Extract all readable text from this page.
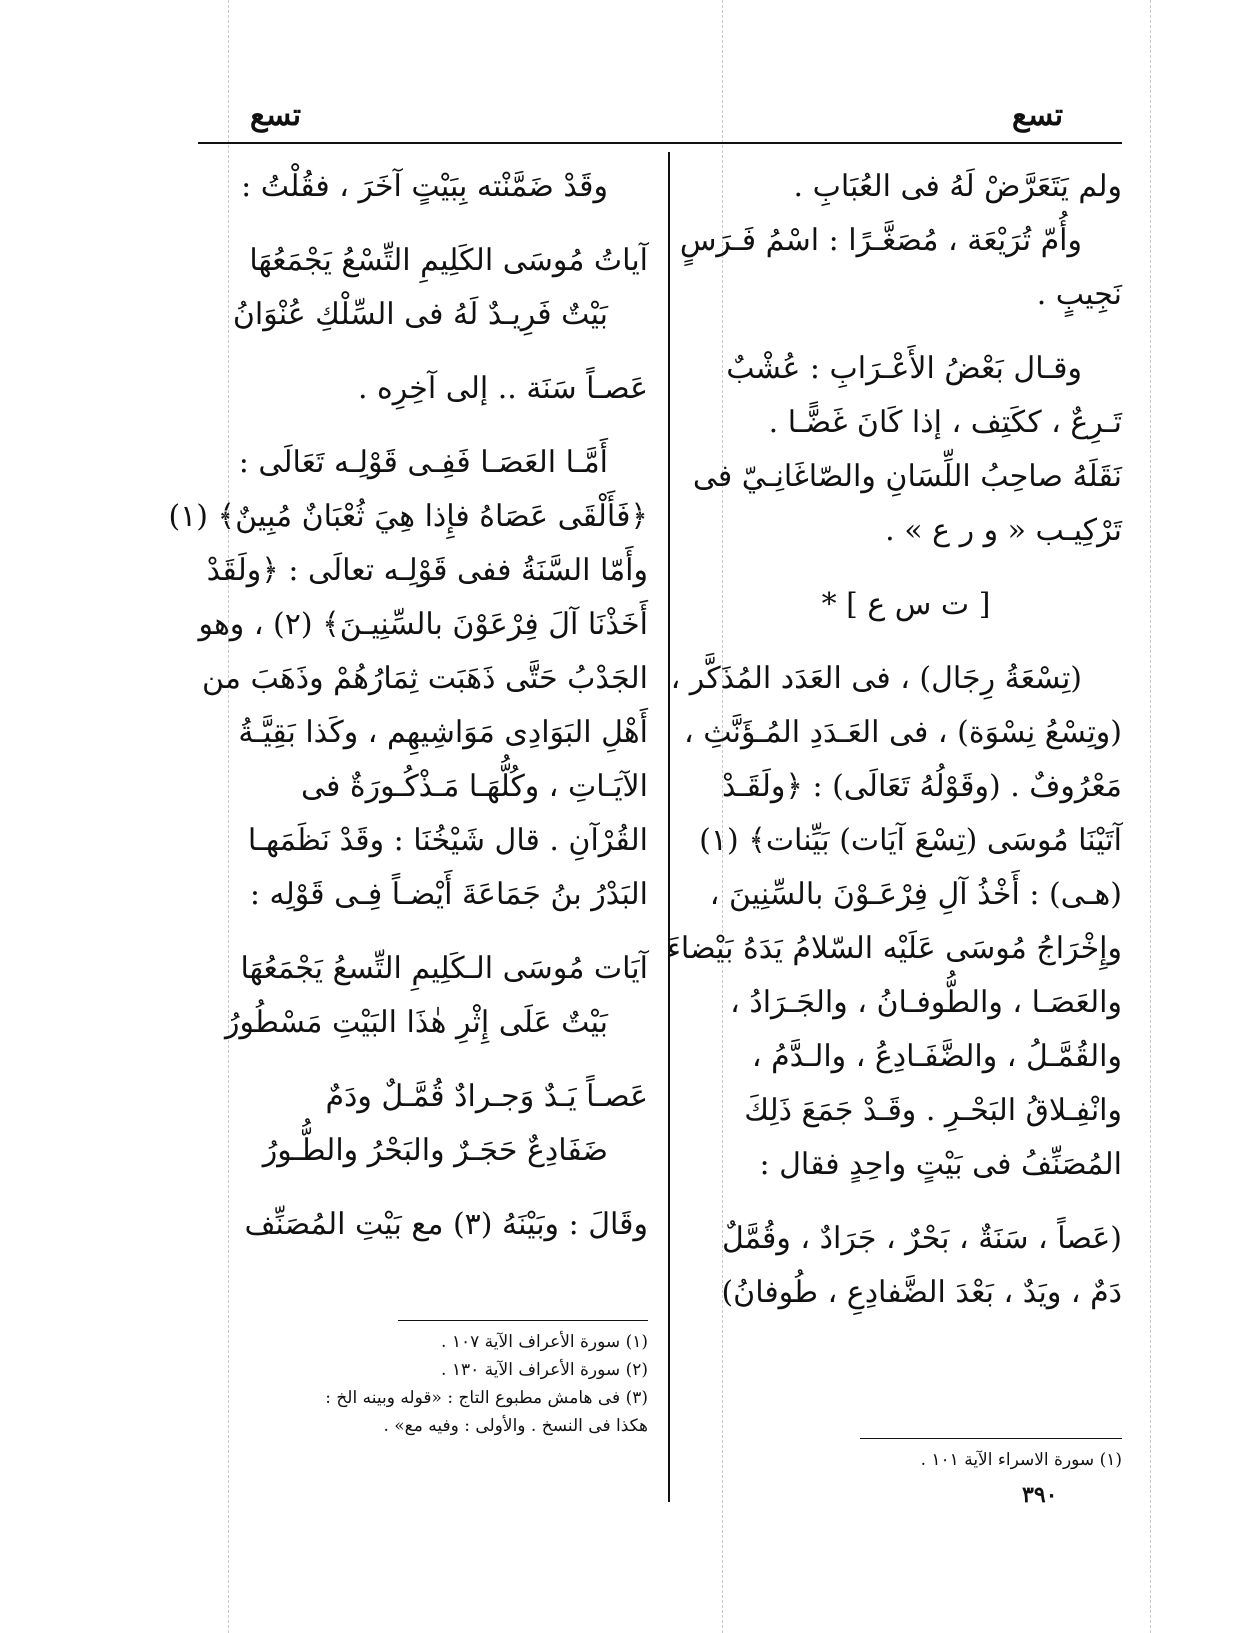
تسع	تسع
ولم يَتَعَرَّضْ لَهُ فى العُبَابِ .
وأُمّ تُرَيْعَة ، مُصَغَّـرًا : اسْمُ فَـرَسٍ
نَجِيبٍ .
وقـال بَعْضُ الأَعْـرَابِ : عُشْبٌ
تَـرِعٌ ، ككَتِف ، إذا كَانَ غَضًّـا .
نَقَلَهُ صاحِبُ اللِّسَانِ والصّاغَانِـيّ فى
تَرْكِيـب « و ر ع » .
[ ت س ع ] *
(تِسْعَةُ رِجَال) ، فى العَدَد المُذَكَّر ،
(وتِسْعُ نِسْوَة) ، فى العَـدَدِ المُـؤَنَّثِ ،
مَعْرُوفٌ . (وقَوْلُهُ تَعَالَى) : ﴿ولَقَـدْ
آتَيْنَا مُوسَى (تِسْعَ آيَات) بَيِّنات﴾ (١)
(هـى) : أَخْذُ آلِ فِرْعَـوْنَ بالسِّنِينَ ،
وإِخْرَاجُ مُوسَى عَلَيْه السّلامُ يَدَهُ بَيْضاءَ
والعَصَـا ، والطُّوفـانُ ، والجَـرَادُ ،
والقُمَّـلُ ، والضَّفَـادِعُ ، والـدَّمُ ،
وانْفِـلاقُ البَحْـرِ . وقَـدْ جَمَعَ ذَلِكَ
المُصَنِّفُ فى بَيْتٍ واحِدٍ فقال :
(عَصاً ، سَنَةٌ ، بَحْرٌ ، جَرَادٌ ، وقُمَّلٌ
دَمٌ ، ويَدٌ ، بَعْدَ الضَّفادِعِ ، طُوفانُ)
(١) سورة الاسراء الآية ١٠١ .
وقَدْ ضَمَّنْته بِبَيْتٍ آخَرَ ، فقُلْتُ :
آياتُ مُوسَى الكَلِيمِ التِّسْعُ يَجْمَعُهَا
بَيْتٌ فَرِيـدٌ لَهُ فى السِّلْكِ عُنْوَانُ
عَصـاً سَنَة .. إلى آخِرِه .
أَمَّـا العَصَـا فَفِـى قَوْلِـه تَعَالَى :
﴿فَأَلْقَى عَصَاهُ فإِذا هِيَ ثُعْبَانٌ مُبِينٌ﴾ (١)
وأَمّا السَّنَةُ ففى قَوْلِـه تعالَى : ﴿ولَقَدْ
أَخَذْنَا آلَ فِرْعَوْنَ بالسِّنِيـنَ﴾ (٢) ، وهو
الجَدْبُ حَتَّى ذَهَبَت ثِمَارُهُمْ وذَهَبَ من
أَهْلِ البَوَادِى مَوَاشِيهِم ، وكَذا بَقِيَّـةُ
الآيَـاتِ ، وكُلُّهَـا مَـذْكُـورَةٌ فى
القُرْآنِ . قال شَيْخُنَا : وقَدْ نَظَمَهـا
البَدْرُ بنُ جَمَاعَةَ أَيْضـاً فِـى قَوْلِه :
آيَات مُوسَى الـكَلِيمِ التِّسعُ يَجْمَعُهَا
بَيْتٌ عَلَى إِثْرِ هٰذَا البَيْتِ مَسْطُورُ
عَصـاً يَـدٌ وَجـرادٌ قُمَّـلٌ ودَمٌ
ضَفَادِعٌ حَجَـرٌ والبَحْرُ والطُّـورُ
وقَالَ : وبَيْنَهُ (٣) مع بَيْتِ المُصَنِّف
(١) سورة الأعراف الآية ١٠٧ .
(٢) سورة الأعراف الآية ١٣٠ .
(٣) فى هامش مطبوع التاج : «قوله وبينه الخ :
هكذا فى النسخ . والأولى : وفيه مع» .
٣٩٠
